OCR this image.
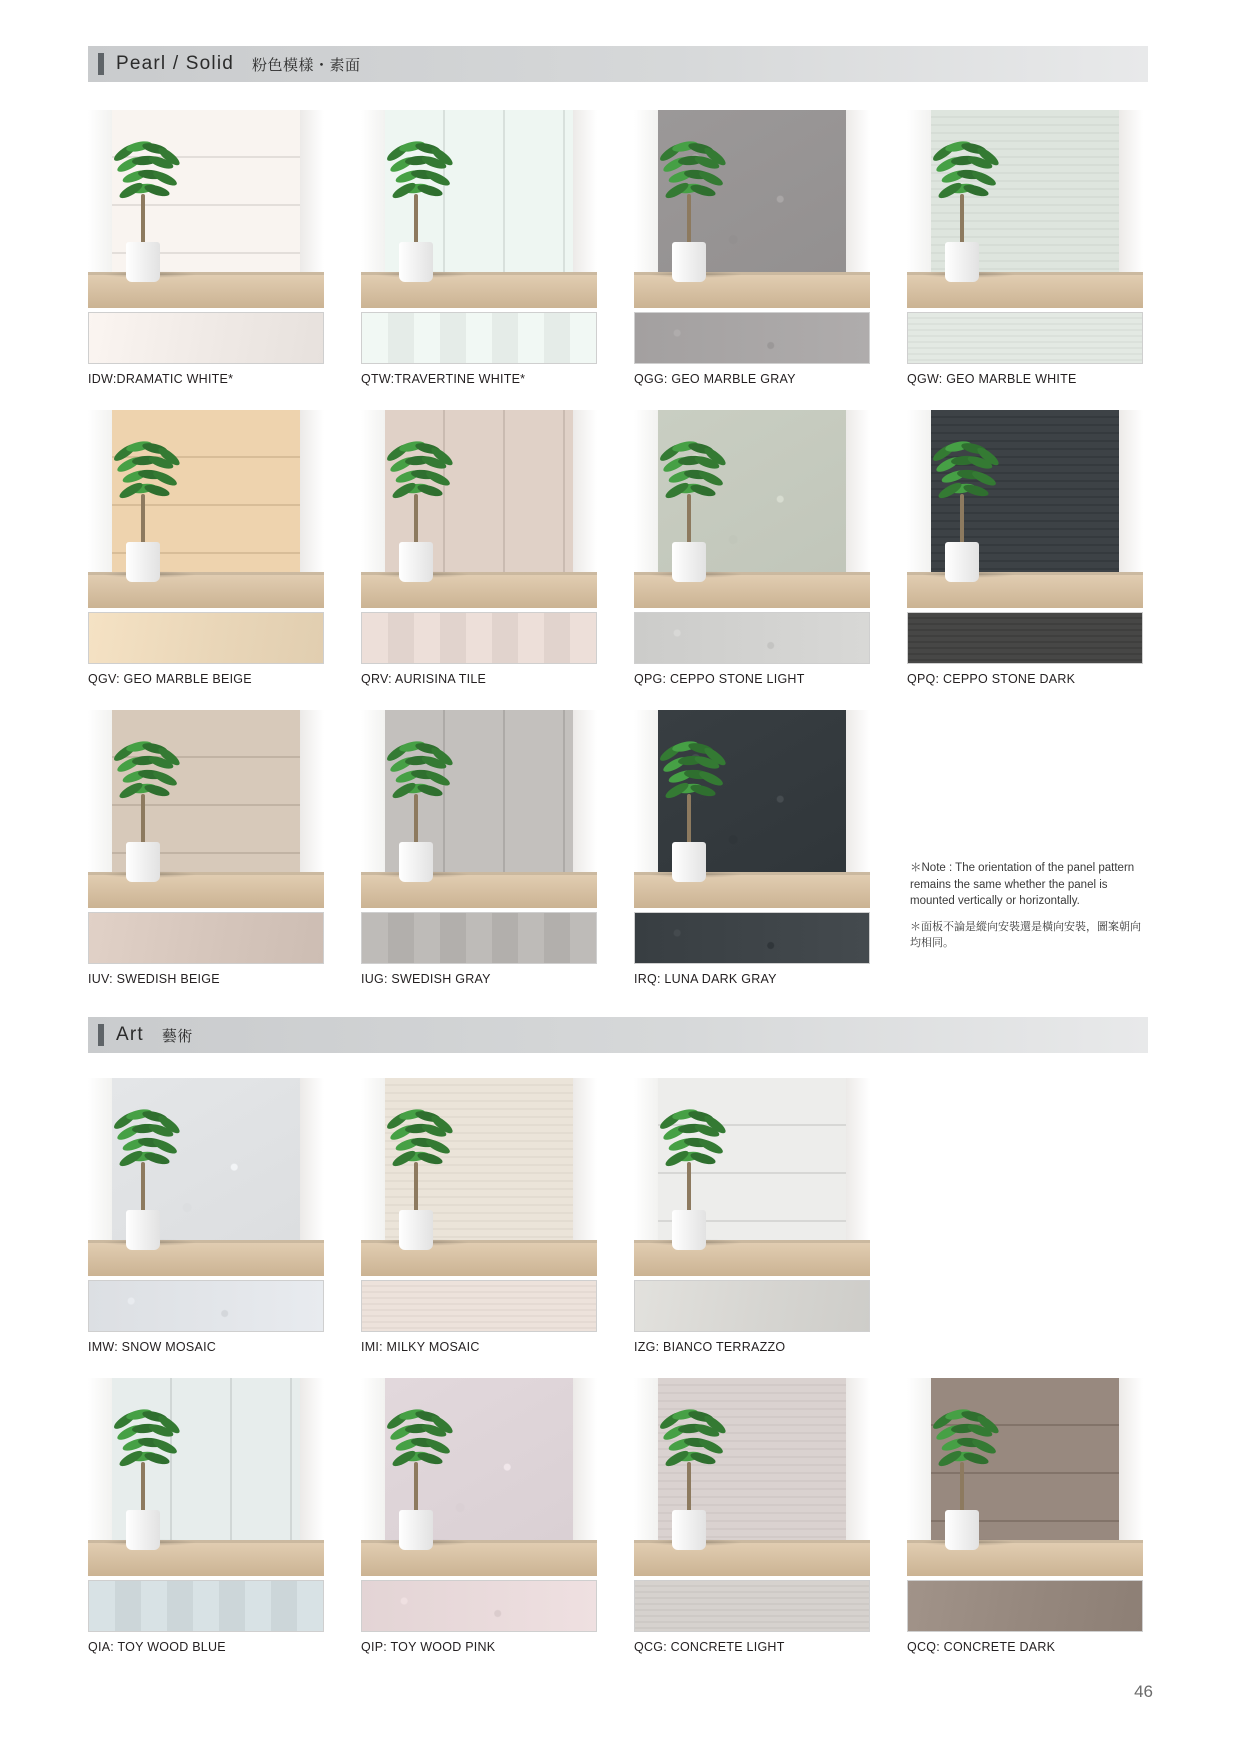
Pearl / Solid 粉色模樣・素面
IDW:DRAMATIC WHITE*	QTW:TRAVERTINE WHITE*	QGG: GEO MARBLE GRAY	QGW: GEO MARBLE WHITE
QGV: GEO MARBLE BEIGE	QRV: AURISINA TILE	QPG: CEPPO STONE LIGHT	QPQ: CEPPO STONE DARK
IUV: SWEDISH BEIGE	IUG: SWEDISH GRAY	IRQ: LUNA DARK GRAY
＊Note : The orientation of the panel pattern remains the same whether the panel is mounted vertically or horizontally.
＊面板不論是縱向安裝還是橫向安裝，圖案朝向均相同。
Art 藝術
IMW: SNOW MOSAIC	IMI: MILKY MOSAIC	IZG: BIANCO TERRAZZO
QIA: TOY WOOD BLUE	QIP: TOY WOOD PINK	QCG: CONCRETE LIGHT	QCQ: CONCRETE DARK
46
